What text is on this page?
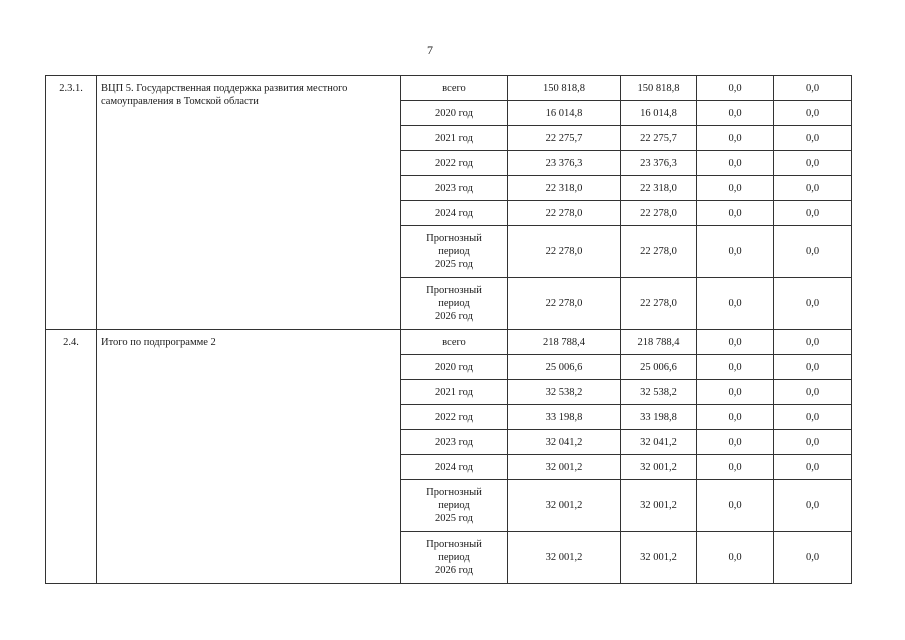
7
2.3.1.	ВЦП 5. Государственная поддержка развития местного самоуправления в Томской области	всего	150 818,8	150 818,8	0,0	0,0

		2020 год	16 014,8	16 014,8	0,0	0,0

		2021 год	22 275,7	22 275,7	0,0	0,0

		2022 год	23 376,3	23 376,3	0,0	0,0

		2023 год	22 318,0	22 318,0	0,0	0,0

		2024 год	22 278,0	22 278,0	0,0	0,0

		Прогнозный
период
2025 год	22 278,0	22 278,0	0,0	0,0

		Прогнозный
период
2026 год	22 278,0	22 278,0	0,0	0,0
2.4.	Итого по подпрограмме 2	всего	218 788,4	218 788,4	0,0	0,0

		2020 год	25 006,6	25 006,6	0,0	0,0

		2021 год	32 538,2	32 538,2	0,0	0,0

		2022 год	33 198,8	33 198,8	0,0	0,0

		2023 год	32 041,2	32 041,2	0,0	0,0

		2024 год	32 001,2	32 001,2	0,0	0,0

		Прогнозный
период
2025 год	32 001,2	32 001,2	0,0	0,0

		Прогнозный
период
2026 год	32 001,2	32 001,2	0,0	0,0
